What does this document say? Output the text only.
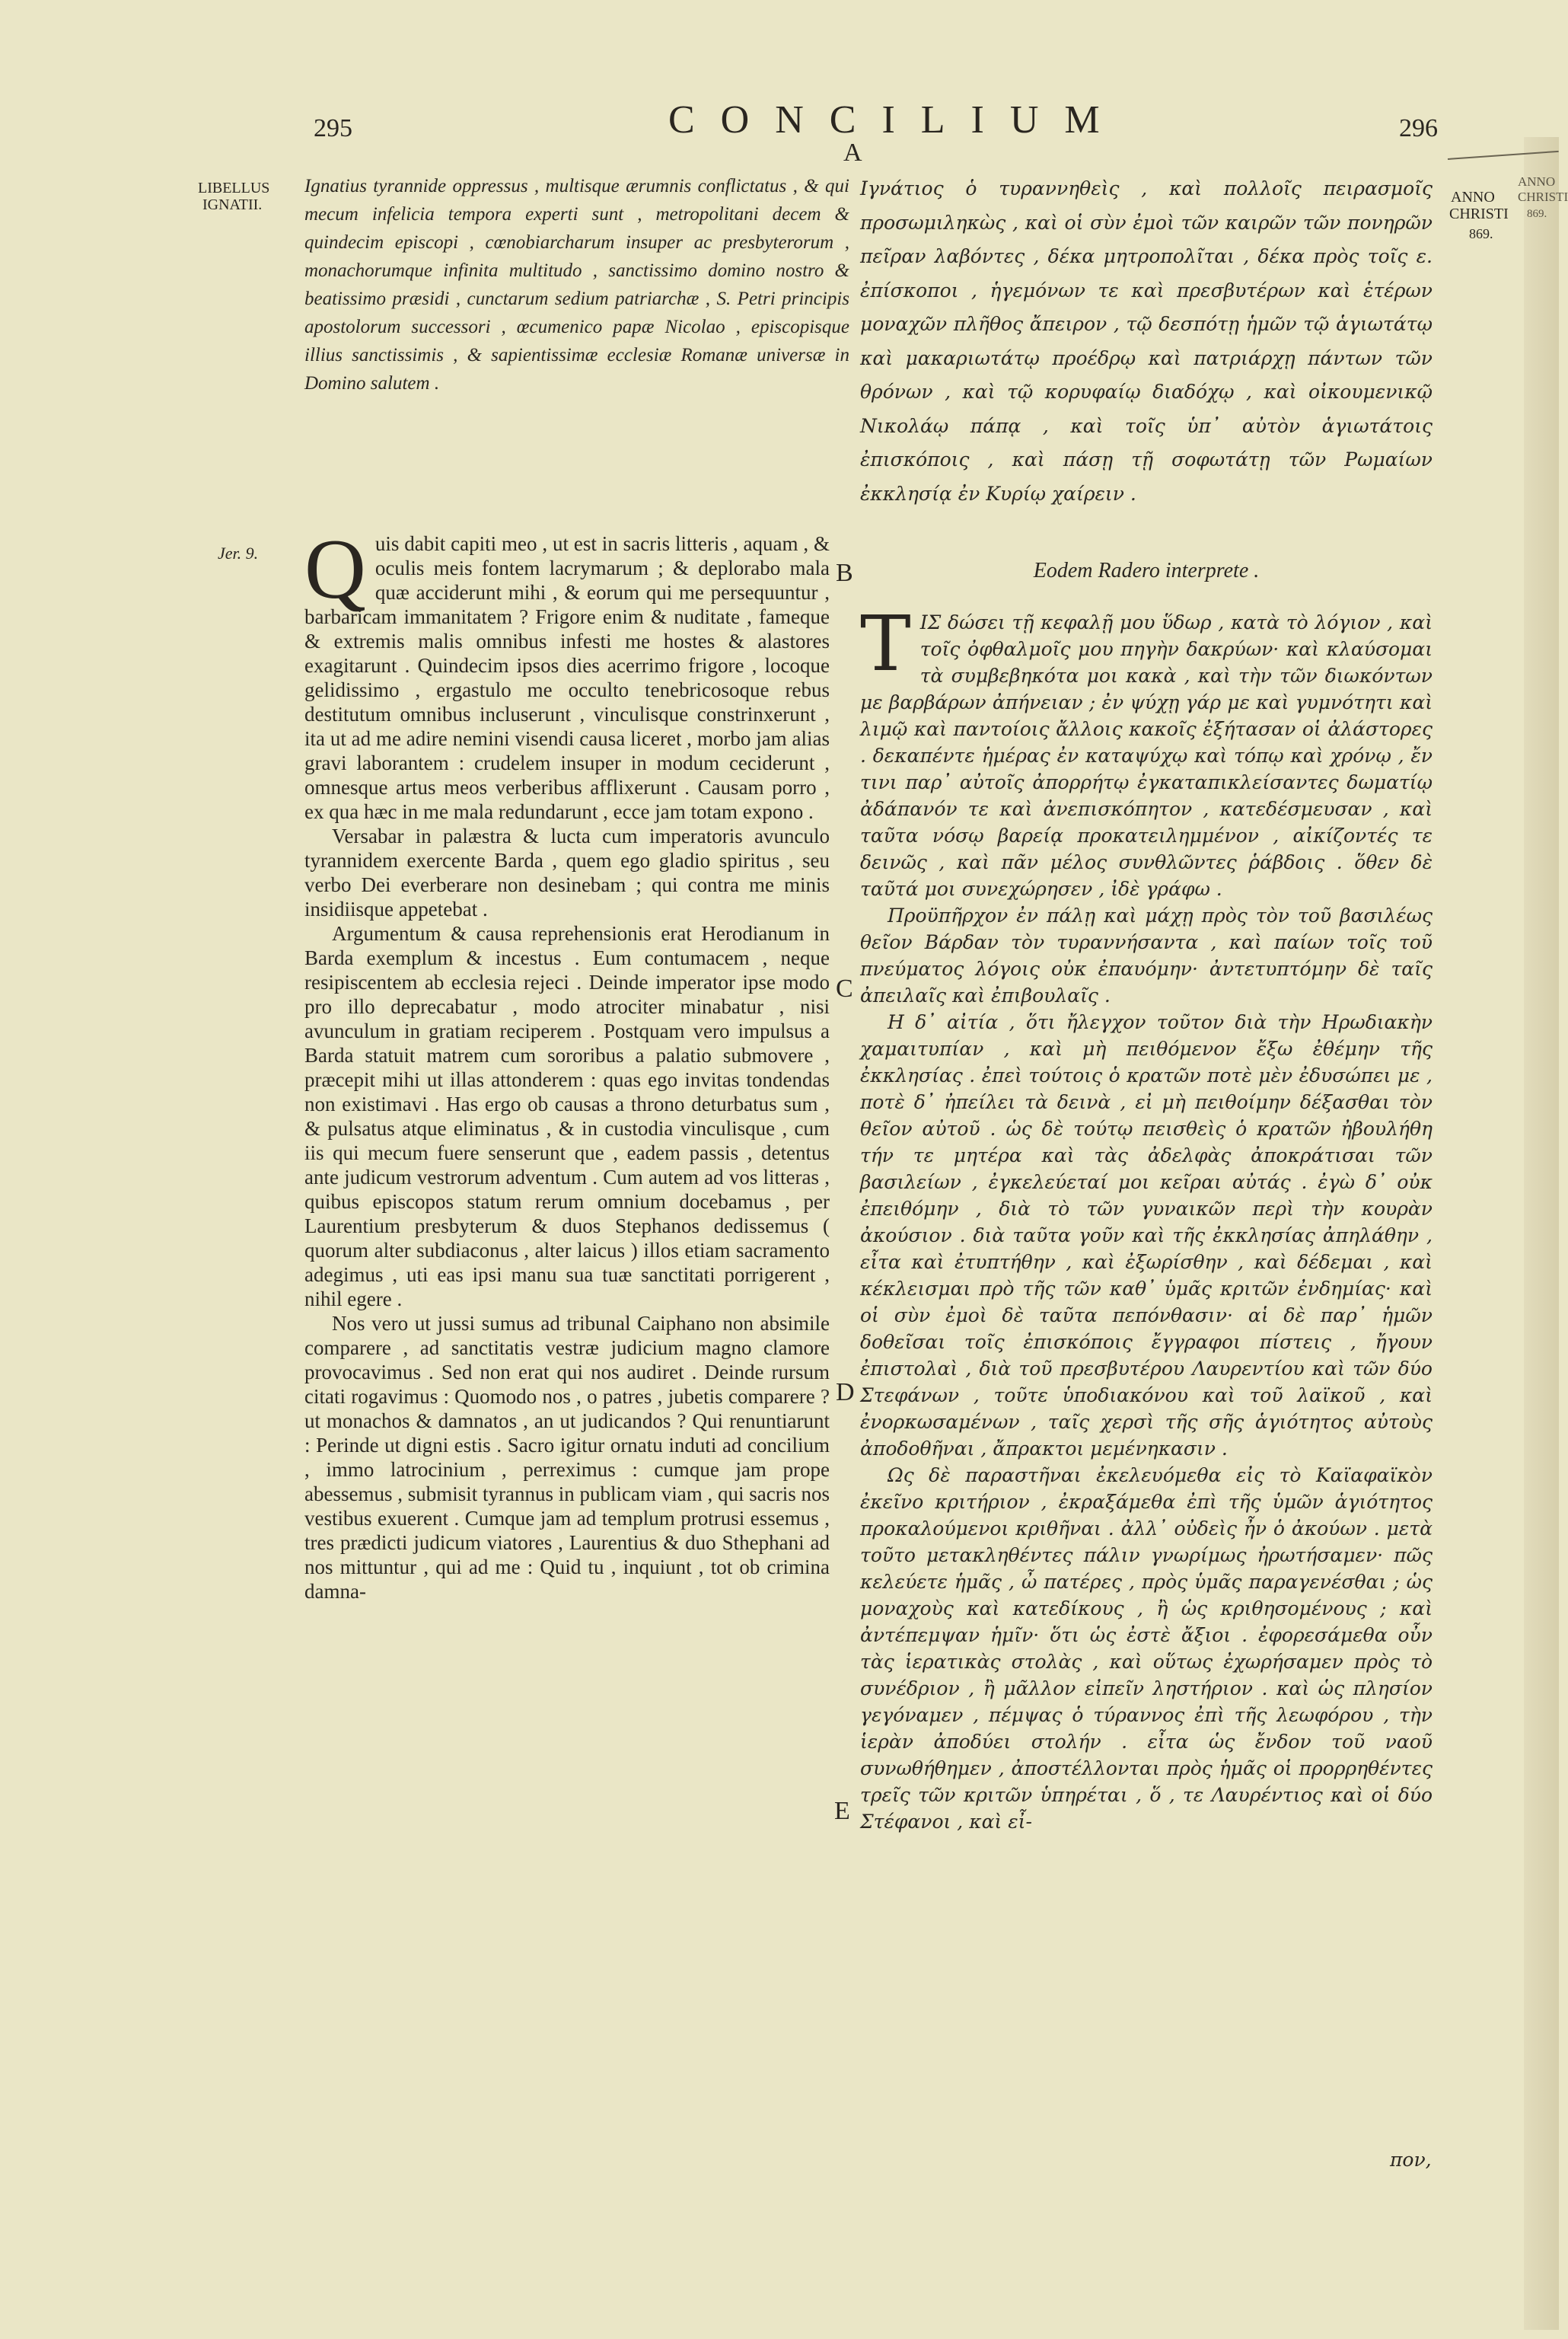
295	CONCILIUM	296
A
LIBELLUS
IGNATII.
Jer. 9.
ANNO
CHRISTI
869.
ANNO
CHRISTI
869.
Ignatius tyrannide oppressus , multisque ærumnis conflictatus , & qui mecum infelicia tempora experti sunt , metropolitani decem & quindecim episcopi , cœnobiarcharum insuper ac presbyterorum , monachorumque infinita multitudo , sanctissimo domino nostro & beatissimo præsidi , cunctarum sedium patriarchæ , S. Petri principis apostolorum successori , œcumenico papæ Nicolao , episcopisque illius sanctissimis , & sapientissimæ ecclesiæ Romanæ universæ in Domino salutem .
Ιγνάτιος ὁ τυραννηθεὶς , καὶ πολλοῖς πειρασμοῖς προσωμιληκὼς , καὶ οἱ σὺν ἐμοὶ τῶν καιρῶν τῶν πονηρῶν πεῖραν λαβόντες , δέκα μητροπολῖται , δέκα πρὸς τοῖς ε. ἐπίσκοποι , ἡγεμόνων τε καὶ πρεσβυτέρων καὶ ἑτέρων μοναχῶν πλῆθος ἄπειρον , τῷ δεσπότῃ ἡμῶν τῷ ἁγιωτάτῳ καὶ μακαριωτάτῳ προέδρῳ καὶ πατριάρχῃ πάντων τῶν θρόνων , καὶ τῷ κορυφαίῳ διαδόχῳ , καὶ οἰκουμενικῷ Νικολάῳ πάπᾳ , καὶ τοῖς ὑπ᾽ αὐτὸν ἁγιωτάτοις ἐπισκόποις , καὶ πάσῃ τῇ σοφωτάτῃ τῶν Ρωμαίων ἐκκλησίᾳ ἐν Κυρίῳ χαίρειν .
Eodem Radero interprete .
B
C
D
E

Quis dabit capiti meo , ut est in sacris litteris , aquam , & oculis meis fontem lacrymarum ; & deplorabo mala quæ acciderunt mihi , & eorum qui me persequuntur , barbaricam immanitatem ? Frigore enim & nuditate , fameque & extremis malis omnibus infesti me hostes & alastores exagitarunt . Quindecim ipsos dies acerrimo frigore , locoque gelidissimo , ergastulo me occulto tenebricosoque rebus destitutum omnibus incluserunt , vinculisque constrinxerunt , ita ut ad me adire nemini visendi causa liceret , morbo jam alias gravi laborantem : crudelem insuper in modum ceciderunt , omnesque artus meos verberibus afflixerunt . Causam porro , ex qua hæc in me mala redundarunt , ecce jam totam expono .

Versabar in palæstra & lucta cum imperatoris avunculo tyrannidem exercente Barda , quem ego gladio spiritus , seu verbo Dei everberare non desinebam ; qui contra me minis insidiisque appetebat .

Argumentum & causa reprehensionis erat Herodianum in Barda exemplum & incestus . Eum contumacem , neque resipiscentem ab ecclesia rejeci . Deinde imperator ipse modo pro illo deprecabatur , modo atrociter minabatur , nisi avunculum in gratiam reciperem . Postquam vero impulsus a Barda statuit matrem cum sororibus a palatio submovere , præcepit mihi ut illas attonderem : quas ego invitas tondendas non existimavi . Has ergo ob causas a throno deturbatus sum , & pulsatus atque eliminatus , & in custodia vinculisque , cum iis qui mecum fuere senserunt que , eadem passis , detentus ante judicum vestrorum adventum . Cum autem ad vos litteras , quibus episcopos statum rerum omnium docebamus , per Laurentium presbyterum & duos Stephanos dedissemus ( quorum alter subdiaconus , alter laicus ) illos etiam sacramento adegimus , uti eas ipsi manu sua tuæ sanctitati porrigerent , nihil egere .

Nos vero ut jussi sumus ad tribunal Caiphano non absimile comparere , ad sanctitatis vestræ judicium magno clamore provocavimus . Sed non erat qui nos audiret . Deinde rursum citati rogavimus : Quomodo nos , o patres , jubetis comparere ? ut monachos & damnatos , an ut judicandos ? Qui renuntiarunt : Perinde ut digni estis . Sacro igitur ornatu induti ad concilium , immo latrocinium , perreximus : cumque jam prope abessemus , submisit tyrannus in publicam viam , qui sacris nos vestibus exuerent . Cumque jam ad templum protrusi essemus , tres prædicti judicum viatores , Laurentius & duo Sthephani ad nos mittuntur , qui ad me : Quid tu , inquiunt , tot ob crimina damna-

ΤΙΣ δώσει τῇ κεφαλῇ μου ὕδωρ , κατὰ τὸ λόγιον , καὶ τοῖς ὀφθαλμοῖς μου πηγὴν δακρύων· καὶ κλαύσομαι τὰ συμβεβηκότα μοι κακὰ , καὶ τὴν τῶν διωκόντων με βαρβάρων ἀπήνειαν ; ἐν ψύχῃ γάρ με καὶ γυμνότητι καὶ λιμῷ καὶ παντοίοις ἄλλοις κακοῖς ἐξήτασαν οἱ ἀλάστορες . δεκαπέντε ἡμέρας ἐν καταψύχῳ καὶ τόπῳ καὶ χρόνῳ , ἔν τινι παρ᾽ αὐτοῖς ἀπορρήτῳ ἐγκαταπικλείσαντες δωματίῳ ἀδάπανόν τε καὶ ἀνεπισκόπητον , κατεδέσμευσαν , καὶ ταῦτα νόσῳ βαρείᾳ προκατειλημμένον , αἰκίζοντές τε δεινῶς , καὶ πᾶν μέλος συνθλῶντες ῥάβδοις . ὅθεν δὲ ταῦτά μοι συνεχώρησεν , ἰδὲ γράφω .

Προϋπῆρχον ἐν πάλῃ καὶ μάχῃ πρὸς τὸν τοῦ βασιλέως θεῖον Βάρδαν τὸν τυραννήσαντα , καὶ παίων τοῖς τοῦ πνεύματος λόγοις οὐκ ἐπαυόμην· ἀντετυπτόμην δὲ ταῖς ἀπειλαῖς καὶ ἐπιβουλαῖς .

Η δ᾽ αἰτία , ὅτι ἤλεγχον τοῦτον διὰ τὴν Ηρωδιακὴν χαμαιτυπίαν , καὶ μὴ πειθόμενον ἔξω ἐθέμην τῆς ἐκκλησίας . ἐπεὶ τούτοις ὁ κρατῶν ποτὲ μὲν ἐδυσώπει με , ποτὲ δ᾽ ἠπείλει τὰ δεινὰ , εἰ μὴ πειθοίμην δέξασθαι τὸν θεῖον αὐτοῦ . ὡς δὲ τούτῳ πεισθεὶς ὁ κρατῶν ἠβουλήθη τήν τε μητέρα καὶ τὰς ἀδελφὰς ἀποκράτισαι τῶν βασιλείων , ἐγκελεύεταί μοι κεῖραι αὐτάς . ἐγὼ δ᾽ οὐκ ἐπειθόμην , διὰ τὸ τῶν γυναικῶν περὶ τὴν κουρὰν ἀκούσιον . διὰ ταῦτα γοῦν καὶ τῆς ἐκκλησίας ἀπηλάθην , εἶτα καὶ ἐτυπτήθην , καὶ ἐξωρίσθην , καὶ δέδεμαι , καὶ κέκλεισμαι πρὸ τῆς τῶν καθ᾽ ὑμᾶς κριτῶν ἐνδημίας· καὶ οἱ σὺν ἐμοὶ δὲ ταῦτα πεπόνθασιν· αἱ δὲ παρ᾽ ἡμῶν δοθεῖσαι τοῖς ἐπισκόποις ἔγγραφοι πίστεις , ἤγουν ἐπιστολαὶ , διὰ τοῦ πρεσβυτέρου Λαυρεντίου καὶ τῶν δύο Στεφάνων , τοῦτε ὑποδιακόνου καὶ τοῦ λαϊκοῦ , καὶ ἐνορκωσαμένων , ταῖς χερσὶ τῆς σῆς ἁγιότητος αὐτοὺς ἀποδοθῆναι , ἄπρακτοι μεμένηκασιν .

Ως δὲ παραστῆναι ἐκελευόμεθα εἰς τὸ Καϊαφαϊκὸν ἐκεῖνο κριτήριον , ἐκραξάμεθα ἐπὶ τῆς ὑμῶν ἁγιότητος προκαλούμενοι κριθῆναι . ἀλλ᾽ οὐδεὶς ἦν ὁ ἀκούων . μετὰ τοῦτο μετακληθέντες πάλιν γνωρίμως ἠρωτήσαμεν· πῶς κελεύετε ἡμᾶς , ὦ πατέρες , πρὸς ὑμᾶς παραγενέσθαι ; ὡς μοναχοὺς καὶ κατεδίκους , ἢ ὡς κριθησομένους ; καὶ ἀντέπεμψαν ἡμῖν· ὅτι ὡς ἐστὲ ἄξιοι . ἐφορεσάμεθα οὖν τὰς ἱερατικὰς στολὰς , καὶ οὕτως ἐχωρήσαμεν πρὸς τὸ συνέδριον , ἢ μᾶλλον εἰπεῖν ληστήριον . καὶ ὡς πλησίον γεγόναμεν , πέμψας ὁ τύραννος ἐπὶ τῆς λεωφόρου , τὴν ἱερὰν ἀποδύει στολήν . εἶτα ὡς ἔνδον τοῦ ναοῦ συνωθήθημεν , ἀποστέλλονται πρὸς ἡμᾶς οἱ προρρηθέντες τρεῖς τῶν κριτῶν ὑπηρέται , ὅ , τε Λαυρέντιος καὶ οἱ δύο Στέφανοι , καὶ εἶ-

πον,
